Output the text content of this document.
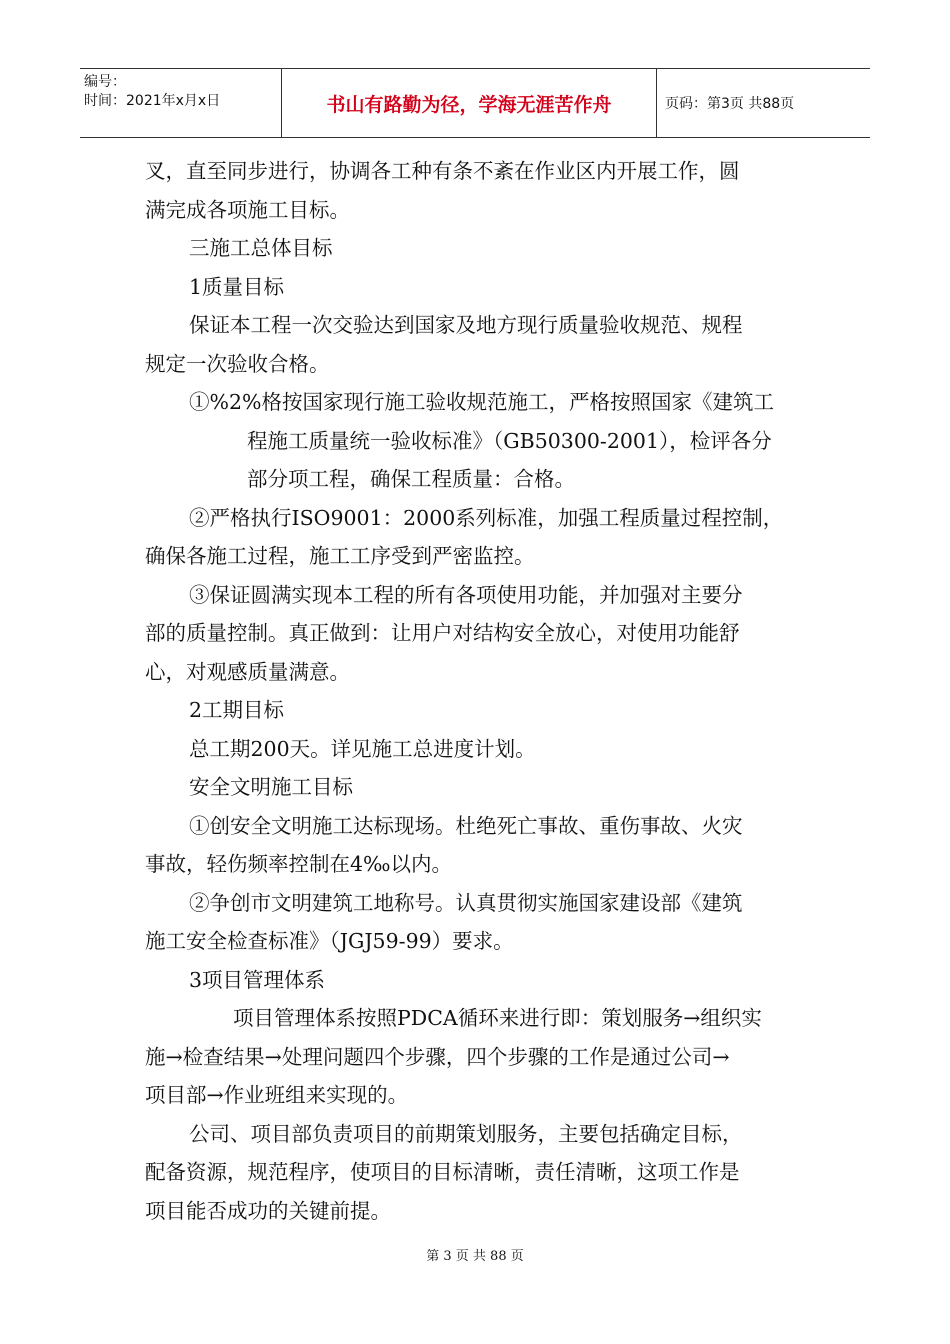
编号：
时间：2021年x月x日	书山有路勤为径，学海无涯苦作舟	页码：第3页 共88页

叉，直至同步进行，协调各工种有条不紊在作业区内开展工作，圆

满完成各项施工目标。

三施工总体目标

1质量目标

保证本工程一次交验达到国家及地方现行质量验收规范、规程

规定一次验收合格。

①%2%格按国家现行施工验收规范施工，严格按照国家《建筑工

程施工质量统一验收标准》（GB50300-2001），检评各分

部分项工程，确保工程质量：合格。

②严格执行ISO9001：2000系列标准，加强工程质量过程控制，

确保各施工过程，施工工序受到严密监控。

③保证圆满实现本工程的所有各项使用功能，并加强对主要分

部的质量控制。真正做到：让用户对结构安全放心，对使用功能舒

心，对观感质量满意。

2工期目标

总工期200天。详见施工总进度计划。

安全文明施工目标

①创安全文明施工达标现场。杜绝死亡事故、重伤事故、火灾

事故，轻伤频率控制在4‰以内。

②争创市文明建筑工地称号。认真贯彻实施国家建设部《建筑

施工安全检查标准》（JGJ59-99）要求。

3项目管理体系

项目管理体系按照PDCA循环来进行即：策划服务→组织实

施→检查结果→处理问题四个步骤，四个步骤的工作是通过公司→

项目部→作业班组来实现的。

公司、项目部负责项目的前期策划服务，主要包括确定目标，

配备资源，规范程序，使项目的目标清晰，责任清晰，这项工作是

项目能否成功的关键前提。

第 3 页 共 88 页
